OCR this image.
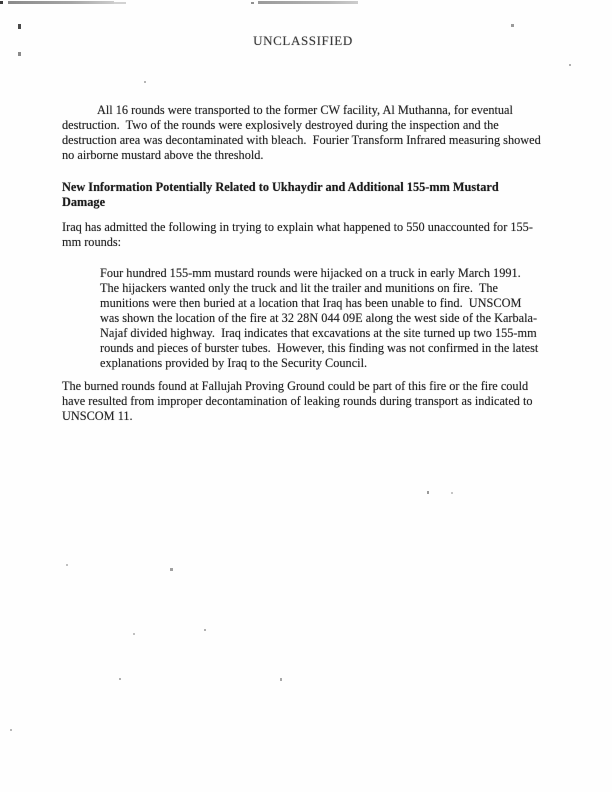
UNCLASSIFIED
All 16 rounds were transported to the former CW facility, Al Muthanna, for eventual
destruction.  Two of the rounds were explosively destroyed during the inspection and the
destruction area was decontaminated with bleach.  Fourier Transform Infrared measuring showed
no airborne mustard above the threshold.
New Information Potentially Related to Ukhaydir and Additional 155-mm Mustard
Damage
Iraq has admitted the following in trying to explain what happened to 550 unaccounted for 155-
mm rounds:
Four hundred 155-mm mustard rounds were hijacked on a truck in early March 1991.
The hijackers wanted only the truck and lit the trailer and munitions on fire.  The
munitions were then buried at a location that Iraq has been unable to find.  UNSCOM
was shown the location of the fire at 32 28N 044 09E along the west side of the Karbala-
Najaf divided highway.  Iraq indicates that excavations at the site turned up two 155-mm
rounds and pieces of burster tubes.  However, this finding was not confirmed in the latest
explanations provided by Iraq to the Security Council.
The burned rounds found at Fallujah Proving Ground could be part of this fire or the fire could
have resulted from improper decontamination of leaking rounds during transport as indicated to
UNSCOM 11.
